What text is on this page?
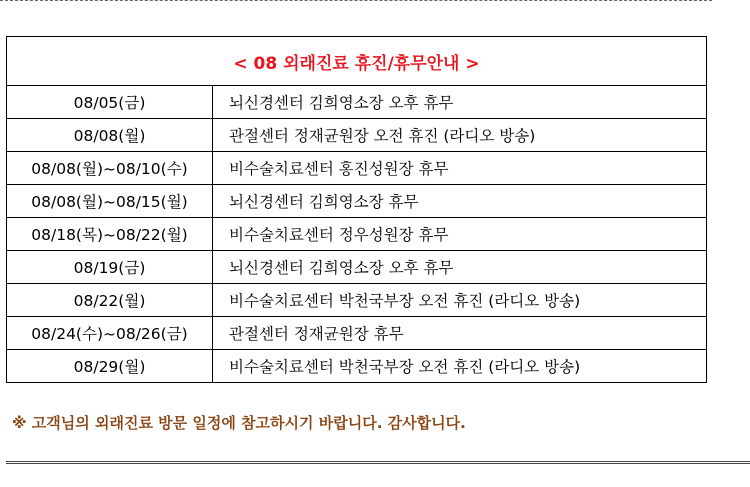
< 08 외래진료 휴진/휴무안내 >	
08/05(금)	뇌신경센터 김희영소장 오후 휴무
08/08(월)	관절센터 정재균원장 오전 휴진 (라디오 방송)
08/08(월)~08/10(수)	비수술치료센터 홍진성원장 휴무
08/08(월)~08/15(월)	뇌신경센터 김희영소장 휴무
08/18(목)~08/22(월)	비수술치료센터 정우성원장 휴무
08/19(금)	뇌신경센터 김희영소장 오후 휴무
08/22(월)	비수술치료센터 박천국부장 오전 휴진 (라디오 방송)
08/24(수)~08/26(금)	관절센터 정재균원장 휴무
08/29(월)	비수술치료센터 박천국부장 오전 휴진 (라디오 방송)
※ 고객님의 외래진료 방문 일정에 참고하시기 바랍니다. 감사합니다.
